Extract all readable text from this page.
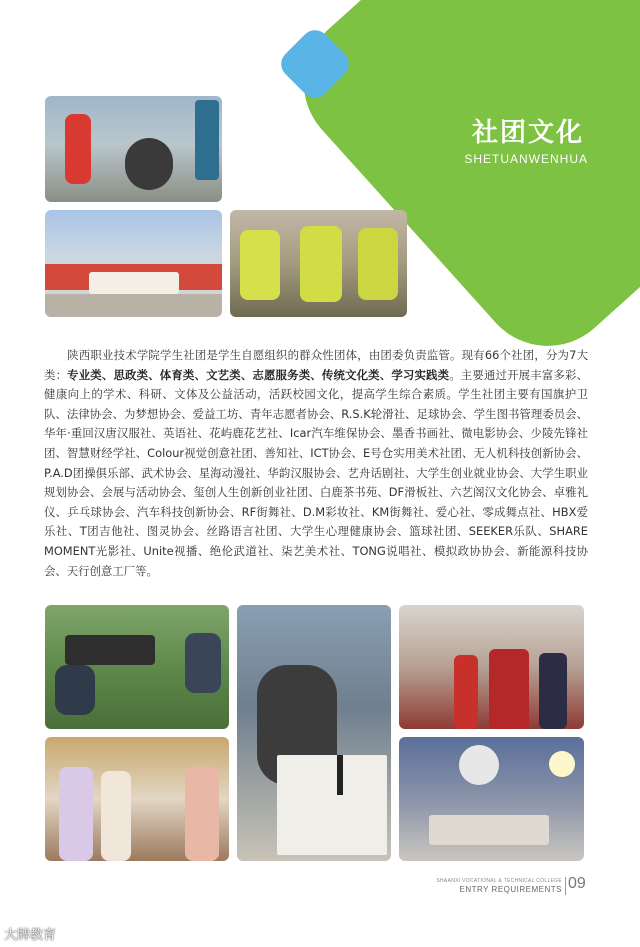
社团文化
SHETUANWENHUA
陕西职业技术学院学生社团是学生自愿组织的群众性团体，由团委负责监管。现有66个社团，分为7大类：专业类、思政类、体育类、文艺类、志愿服务类、传统文化类、学习实践类。主要通过开展丰富多彩、健康向上的学术、科研、文体及公益活动，活跃校园文化，提高学生综合素质。学生社团主要有国旗护卫队、法律协会、为梦想协会、爱益工坊、青年志愿者协会、R.S.K轮滑社、足球协会、学生图书管理委员会、华年·重回汉唐汉服社、英语社、花屿鹿花艺社、Icar汽车维保协会、墨香书画社、微电影协会、少陵先锋社团、智慧财经学社、Colour视觉创意社团、善知社、ICT协会、E号仓实用美术社团、无人机科技创新协会、P.A.D团操俱乐部、武术协会、星海动漫社、华韵汉服协会、艺舟话剧社、大学生创业就业协会、大学生职业规划协会、会展与活动协会、玺创人生创新创业社团、白鹿茶书苑、DF滑板社、六艺阁汉文化协会、卓雅礼仪、乒乓球协会、汽车科技创新协会、RF街舞社、D.M彩妆社、KM街舞社、爱心社、零成舞点社、HBX爱乐社、T团吉他社、图灵协会、丝路语言社团、大学生心理健康协会、篮球社团、SEEKER乐队、SHARE MOMENT光影社、Unite视播、绝伦武道社、柒艺美术社、TONG说唱社、模拟政协协会、新能源科技协会、天行创意工厂等。
SHAANXI VOCATIONAL & TECHNICAL COLLEGE
ENTRY REQUIREMENTS 09
大牌教育
